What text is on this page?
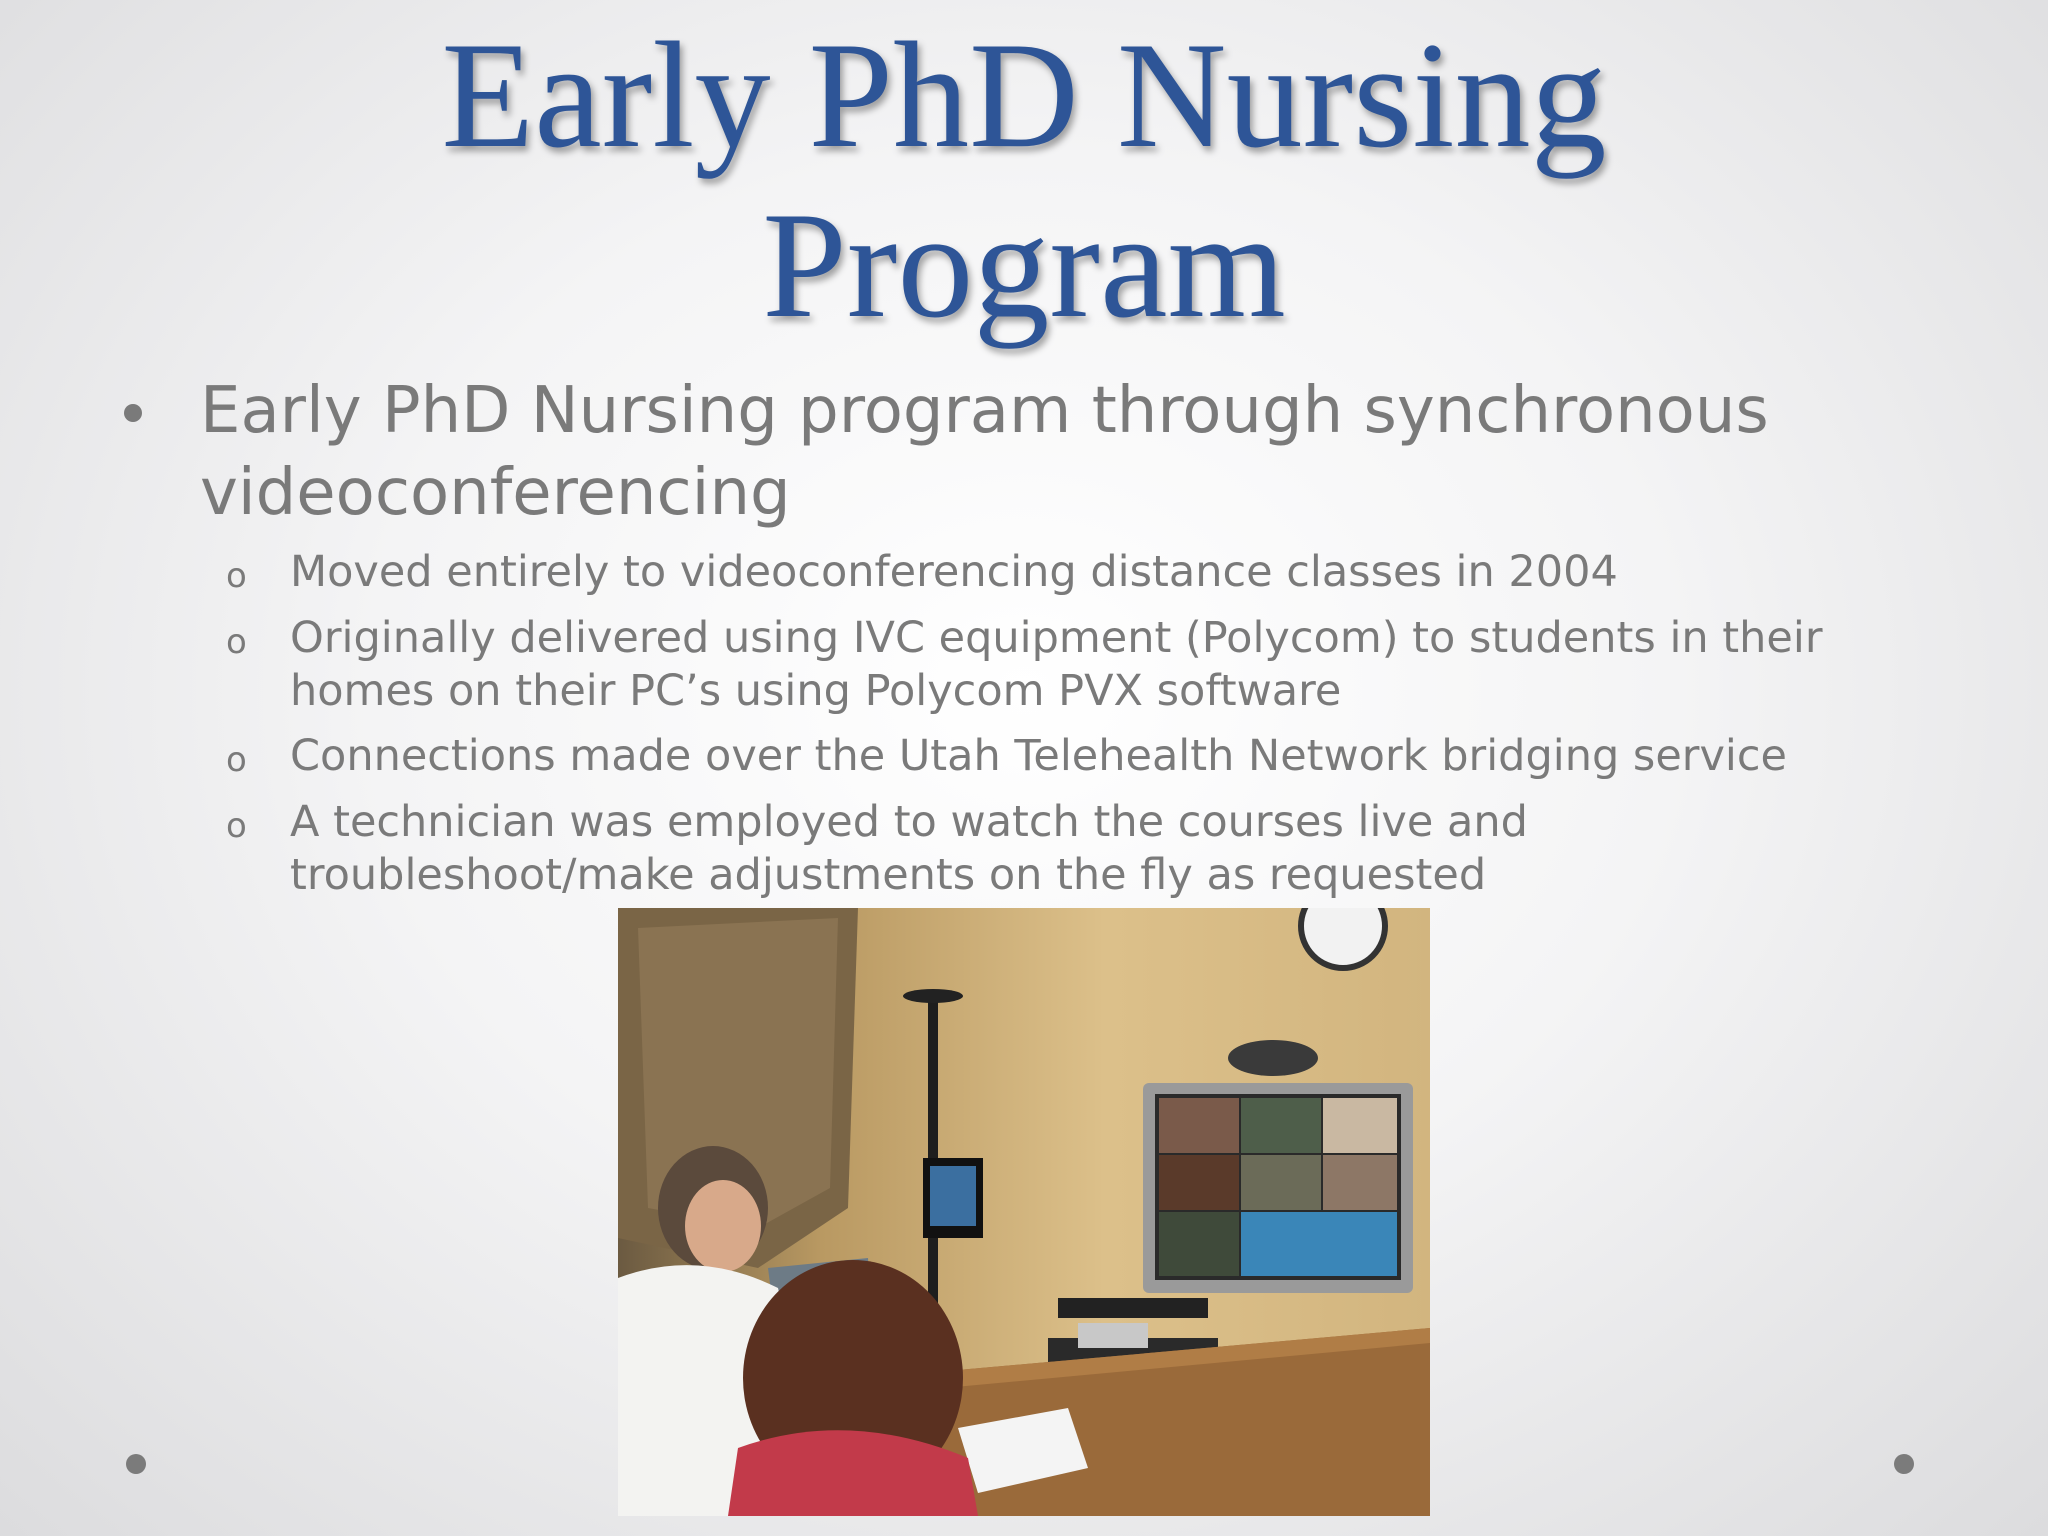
Early PhD Nursing
Program
Early PhD Nursing program through synchronous videoconferencing
o Moved entirely to videoconferencing distance classes in 2004
o Originally delivered using IVC equipment (Polycom) to students in their homes on their PC’s using Polycom PVX software
o Connections made over the Utah Telehealth Network bridging service
o A technician was employed to watch the courses live and troubleshoot/make adjustments on the fly as requested
